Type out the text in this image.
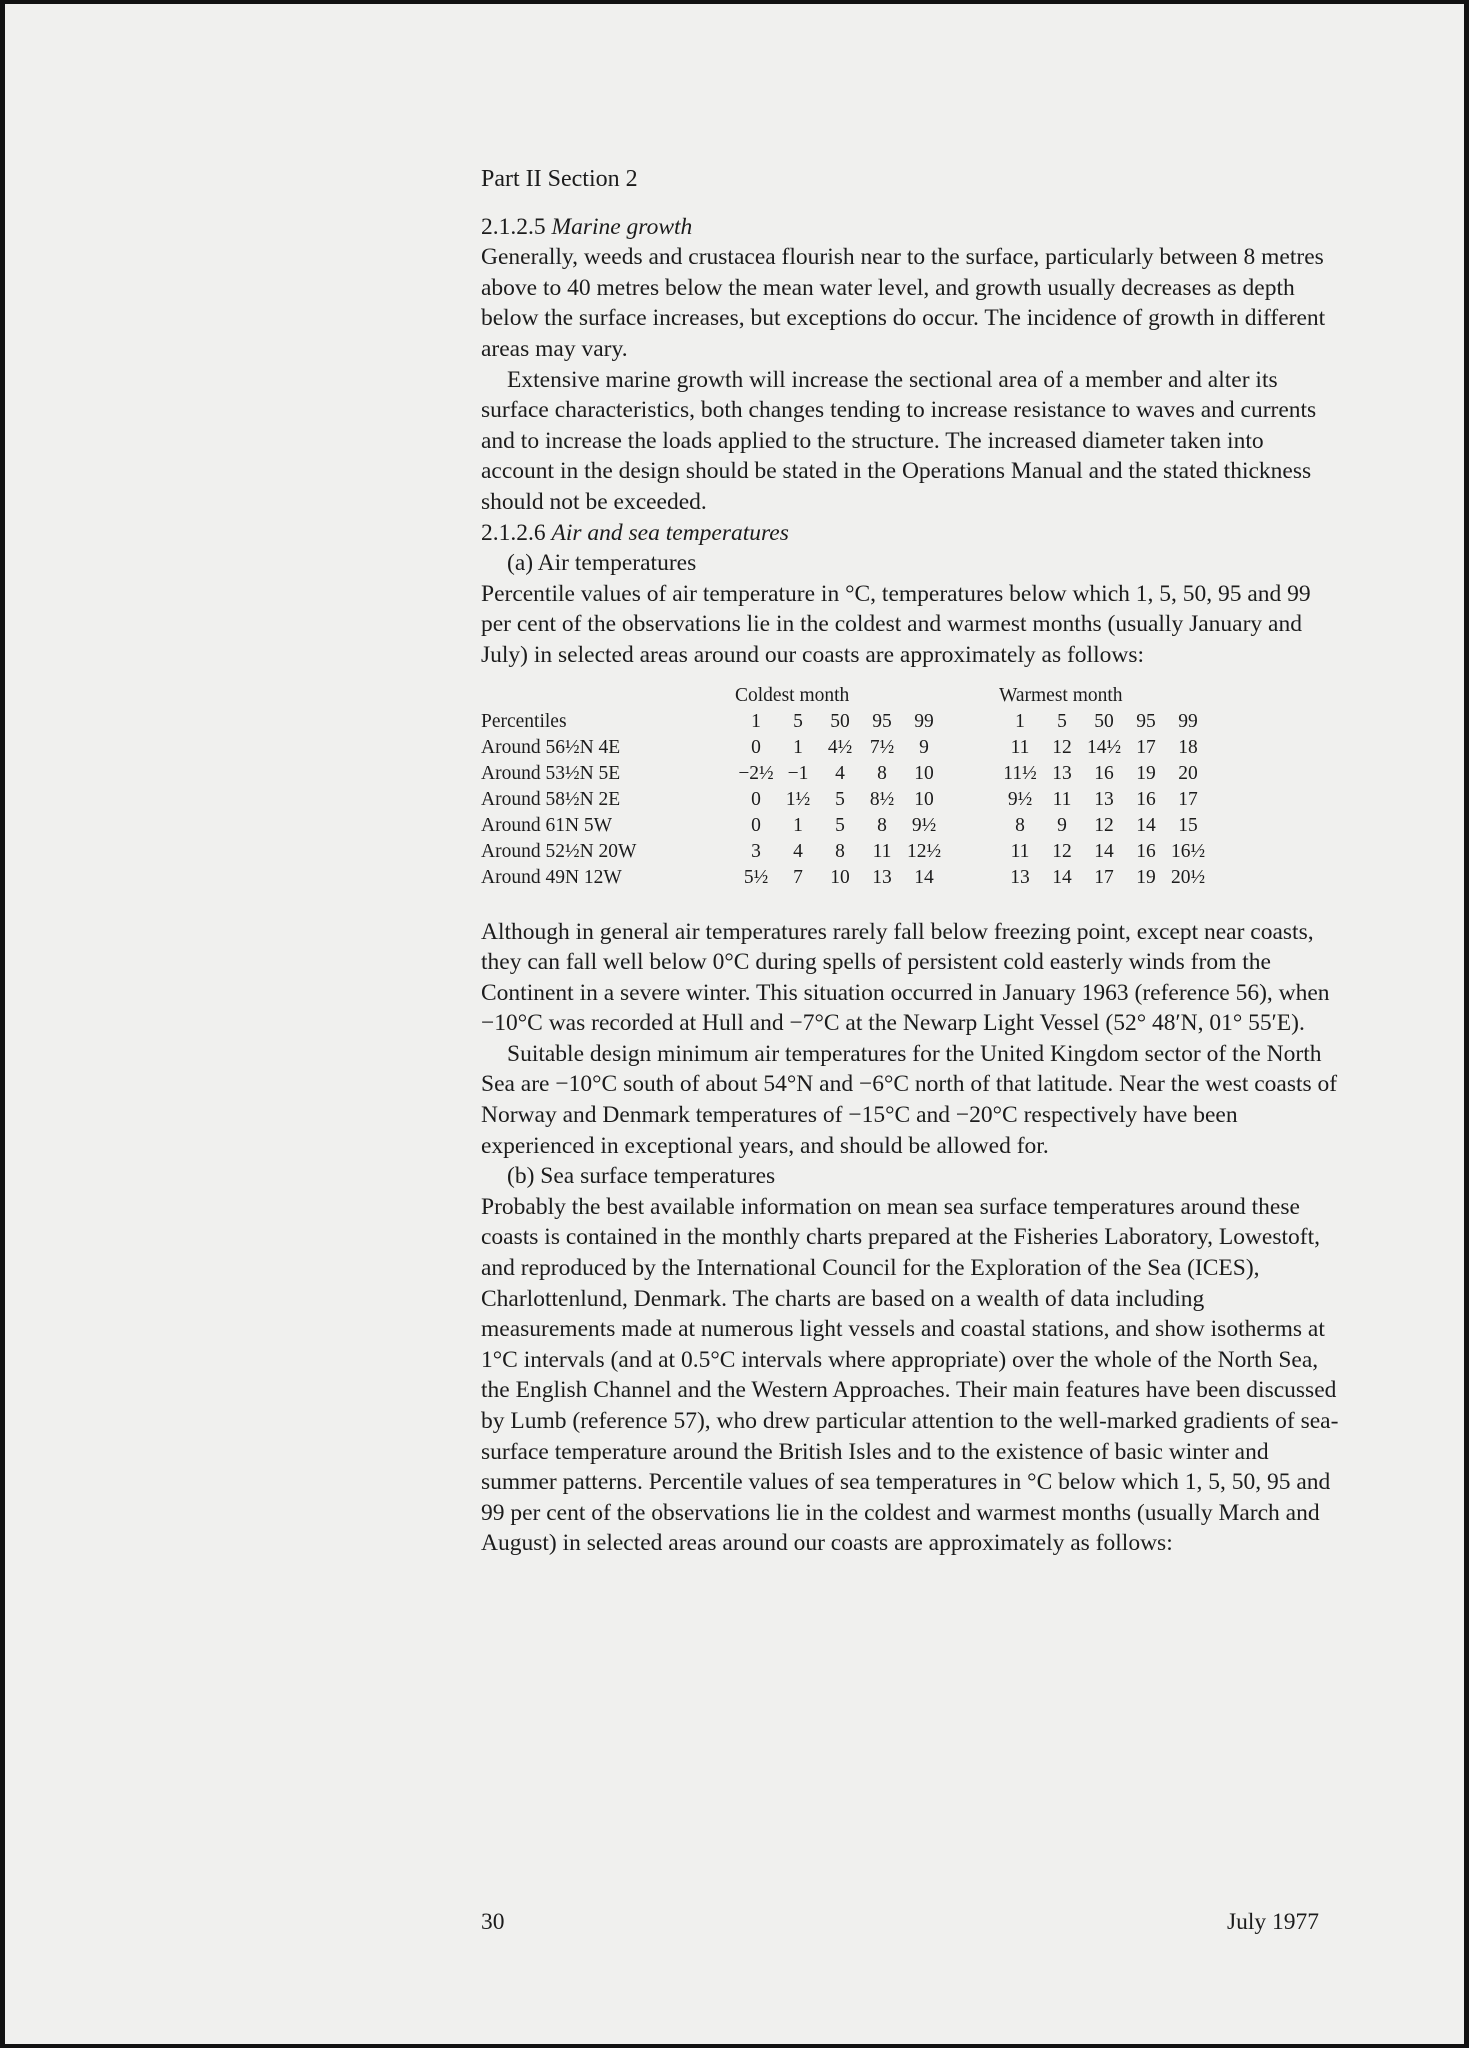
Part II Section 2

2.1.2.5 Marine growth

Generally, weeds and crustacea flourish near to the surface, particularly between 8 metres above to 40 metres below the mean water level, and growth usually decreases as depth below the surface increases, but exceptions do occur. The incidence of growth in different areas may vary.

Extensive marine growth will increase the sectional area of a member and alter its surface characteristics, both changes tending to increase resistance to waves and currents and to increase the loads applied to the structure. The increased diameter taken into account in the design should be stated in the Operations Manual and the stated thickness should not be exceeded.

2.1.2.6 Air and sea temperatures

(a) Air temperatures

Percentile values of air temperature in °C, temperatures below which 1, 5, 50, 95 and 99 per cent of the observations lie in the coldest and warmest months (usually January and July) in selected areas around our coasts are approximately as follows:

	Coldest month						Warmest month				
Percentiles	1	5	50	95	99		1	5	50	95	99
Around 56½N 4E	0	1	4½	7½	9		11	12	14½	17	18
Around 53½N 5E	−2½	−1	4	8	10		11½	13	16	19	20
Around 58½N 2E	0	1½	5	8½	10		9½	11	13	16	17
Around 61N 5W	0	1	5	8	9½		8	9	12	14	15
Around 52½N 20W	3	4	8	11	12½		11	12	14	16	16½
Around 49N 12W	5½	7	10	13	14		13	14	17	19	20½

Although in general air temperatures rarely fall below freezing point, except near coasts, they can fall well below 0°C during spells of persistent cold easterly winds from the Continent in a severe winter. This situation occurred in January 1963 (reference 56), when −10°C was recorded at Hull and −7°C at the Newarp Light Vessel (52° 48′N, 01° 55′E).

Suitable design minimum air temperatures for the United Kingdom sector of the North Sea are −10°C south of about 54°N and −6°C north of that latitude. Near the west coasts of Norway and Denmark temperatures of −15°C and −20°C respectively have been experienced in exceptional years, and should be allowed for.

(b) Sea surface temperatures

Probably the best available information on mean sea surface temperatures around these coasts is contained in the monthly charts prepared at the Fisheries Laboratory, Lowestoft, and reproduced by the International Council for the Exploration of the Sea (ICES), Charlottenlund, Denmark. The charts are based on a wealth of data including measurements made at numerous light vessels and coastal stations, and show isotherms at 1°C intervals (and at 0.5°C intervals where appropriate) over the whole of the North Sea, the English Channel and the Western Approaches. Their main features have been discussed by Lumb (reference 57), who drew particular attention to the well-marked gradients of sea-surface temperature around the British Isles and to the existence of basic winter and summer patterns. Percentile values of sea temperatures in °C below which 1, 5, 50, 95 and 99 per cent of the observations lie in the coldest and warmest months (usually March and August) in selected areas around our coasts are approximately as follows:

30	July 1977
